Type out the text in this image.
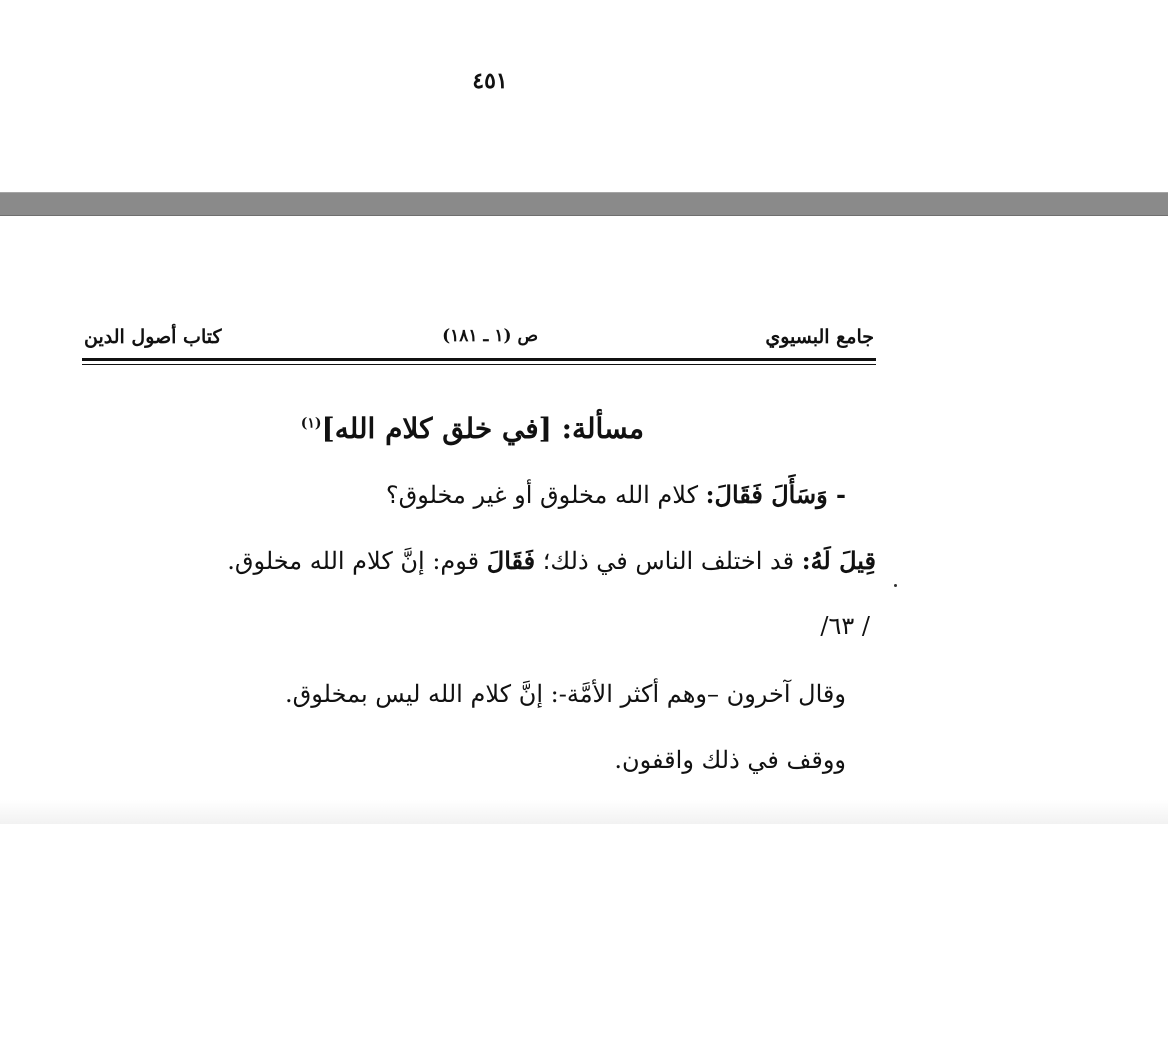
٤٥١
جامع البسيوي
ص (١ ـ ١٨١)
كتاب أصول الدين
مسألة: [في خلق كلام الله]$^{(١)}$
- وَسَأَلَ فَقَالَ: كلام الله مخلوق أو غير مخلوق؟
قِيلَ لَهُ: قد اختلف الناس في ذلك؛ فَقَالَ قوم: إنَّ كلام الله مخلوق.
/ ٦٣/
وقال آخرون –وهم أكثر الأمَّة-: إنَّ كلام الله ليس بمخلوق.
ووقف في ذلك واقفون.
